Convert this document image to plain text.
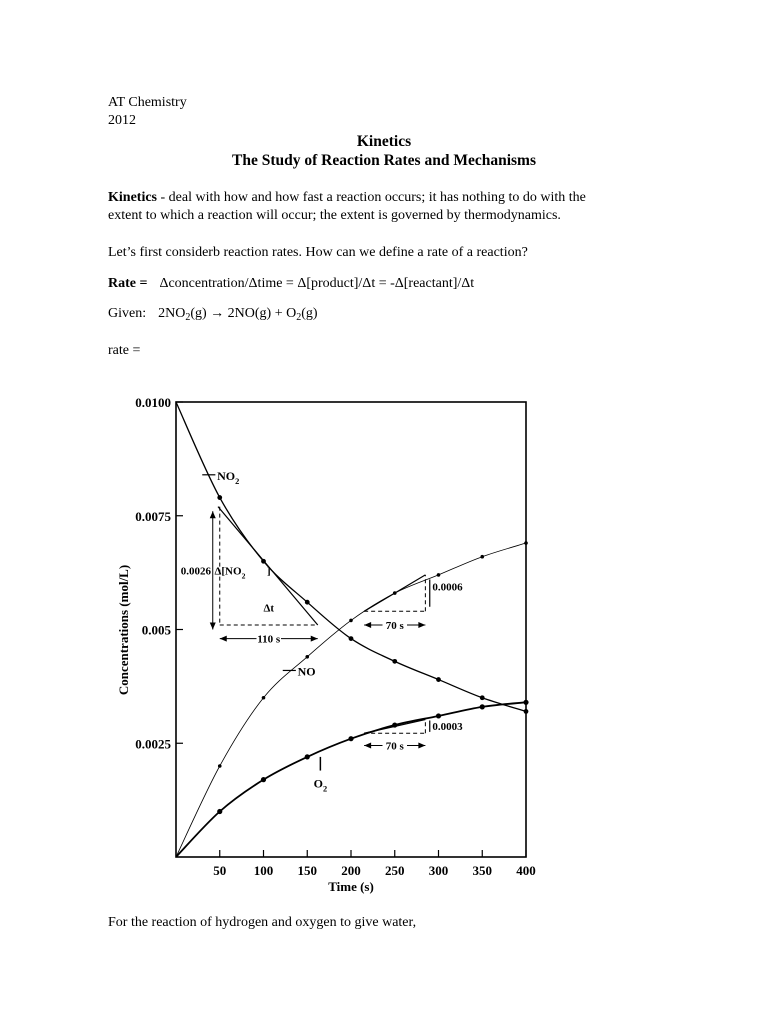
AT Chemistry
2012
Kinetics
The Study of Reaction Rates and Mechanisms
Kinetics - deal with how and how fast a reaction occurs; it has nothing to do with the
extent to which a reaction will occur; the extent is governed by thermodynamics.
Let’s first considerb reaction rates. How can we define a rate of a reaction?
Rate = Δconcentration/Δtime = Δ[product]/Δt = -Δ[reactant]/Δt
Given: $2NO_2(g) \to 2NO(g) + O_2(g)$
rate =
0.0100
0.0075
0.005
0.0025
50 100 150 200 250 300 350 400
$NO_2$
NO
$O_2$
0.0026 $\Delta[NO_2$ ]
Δt
110 s
0.0006
70 s
0.0003
70 s
Time (s)
Concentrations (mol/L)
For the reaction of hydrogen and oxygen to give water,
